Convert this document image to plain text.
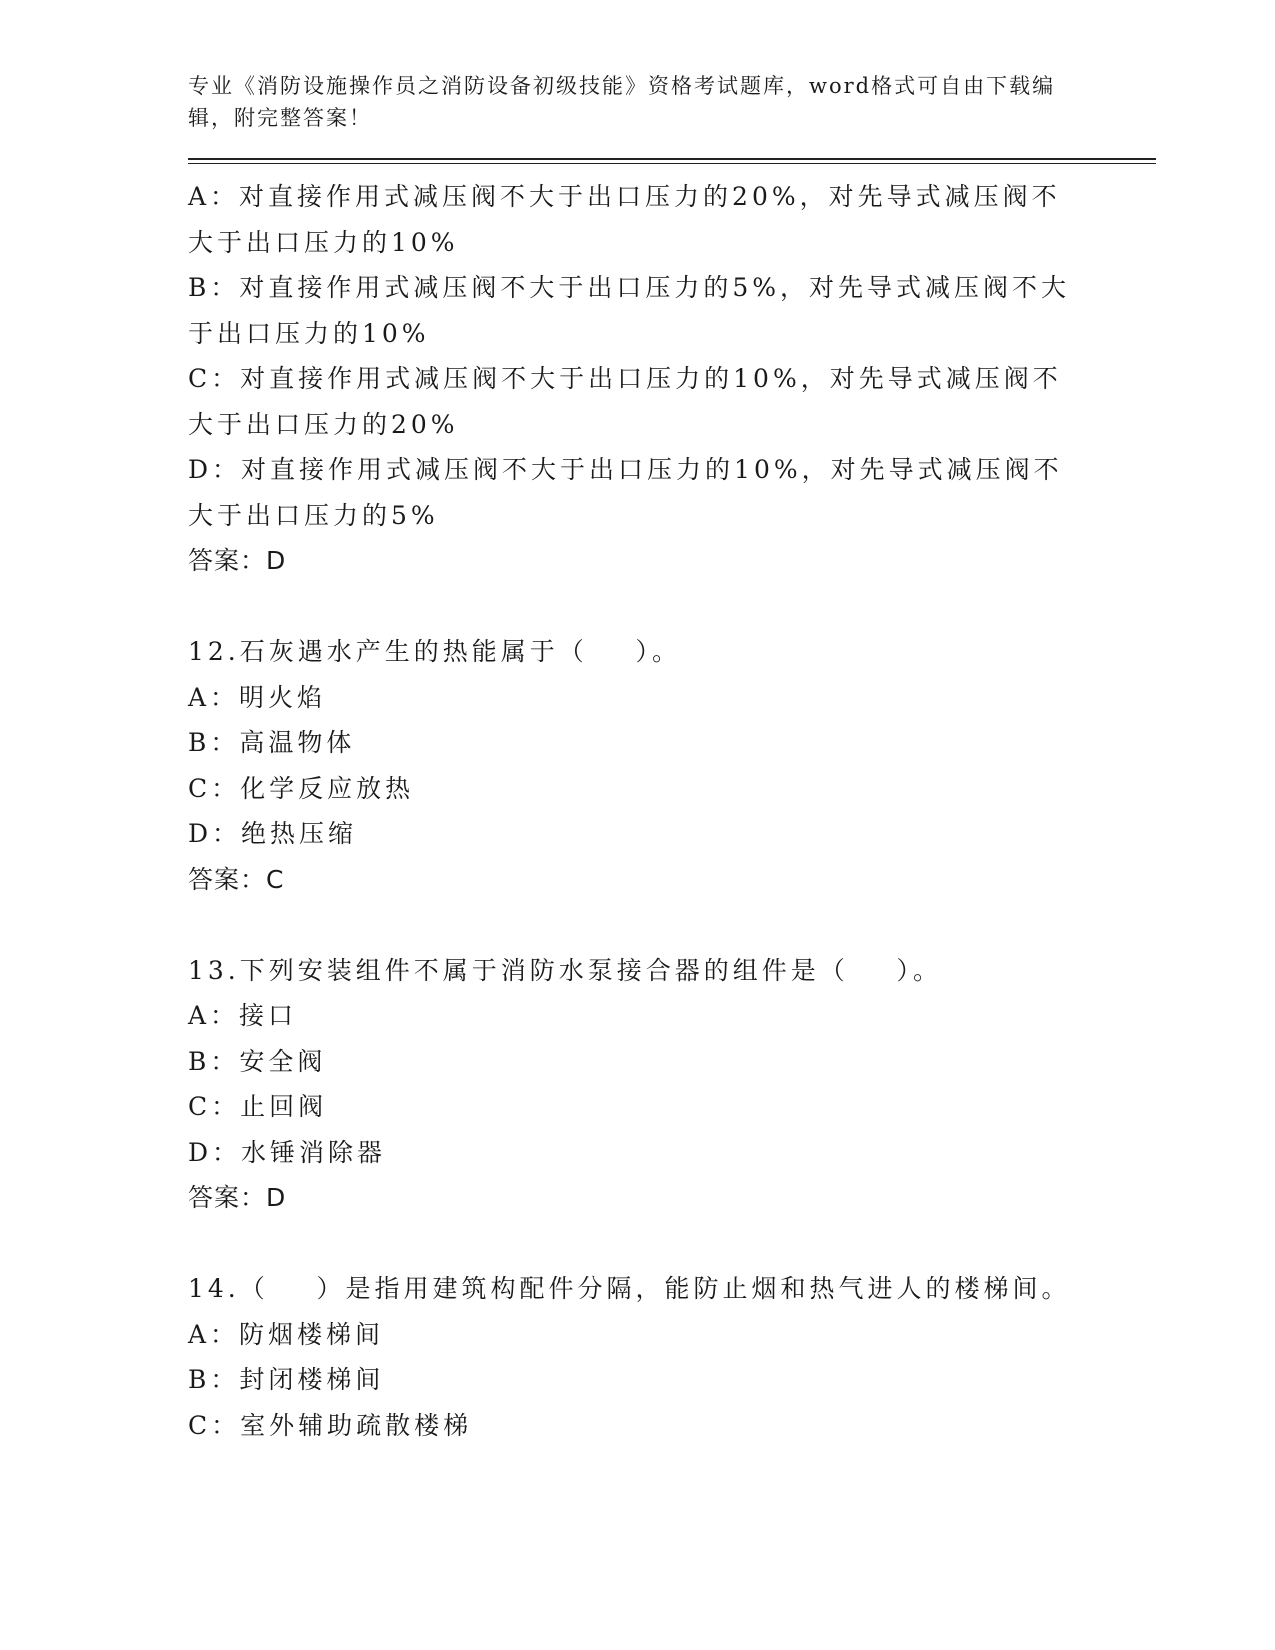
专业《消防设施操作员之消防设备初级技能》资格考试题库，word格式可自由下载编辑，附完整答案！

A：对直接作用式减压阀不大于出口压力的20%，对先导式减压阀不大于出口压力的10%

B：对直接作用式减压阀不大于出口压力的5%，对先导式减压阀不大于出口压力的10%

C：对直接作用式减压阀不大于出口压力的10%，对先导式减压阀不大于出口压力的20%

D：对直接作用式减压阀不大于出口压力的10%，对先导式减压阀不大于出口压力的5%

答案：D

12.石灰遇水产生的热能属于（    ）。

A：明火焰

B：高温物体

C：化学反应放热

D：绝热压缩

答案：C

13.下列安装组件不属于消防水泵接合器的组件是（    ）。

A：接口

B：安全阀

C：止回阀

D：水锤消除器

答案：D

14.（    ）是指用建筑构配件分隔，能防止烟和热气进人的楼梯间。

A：防烟楼梯间

B：封闭楼梯间

C：室外辅助疏散楼梯
